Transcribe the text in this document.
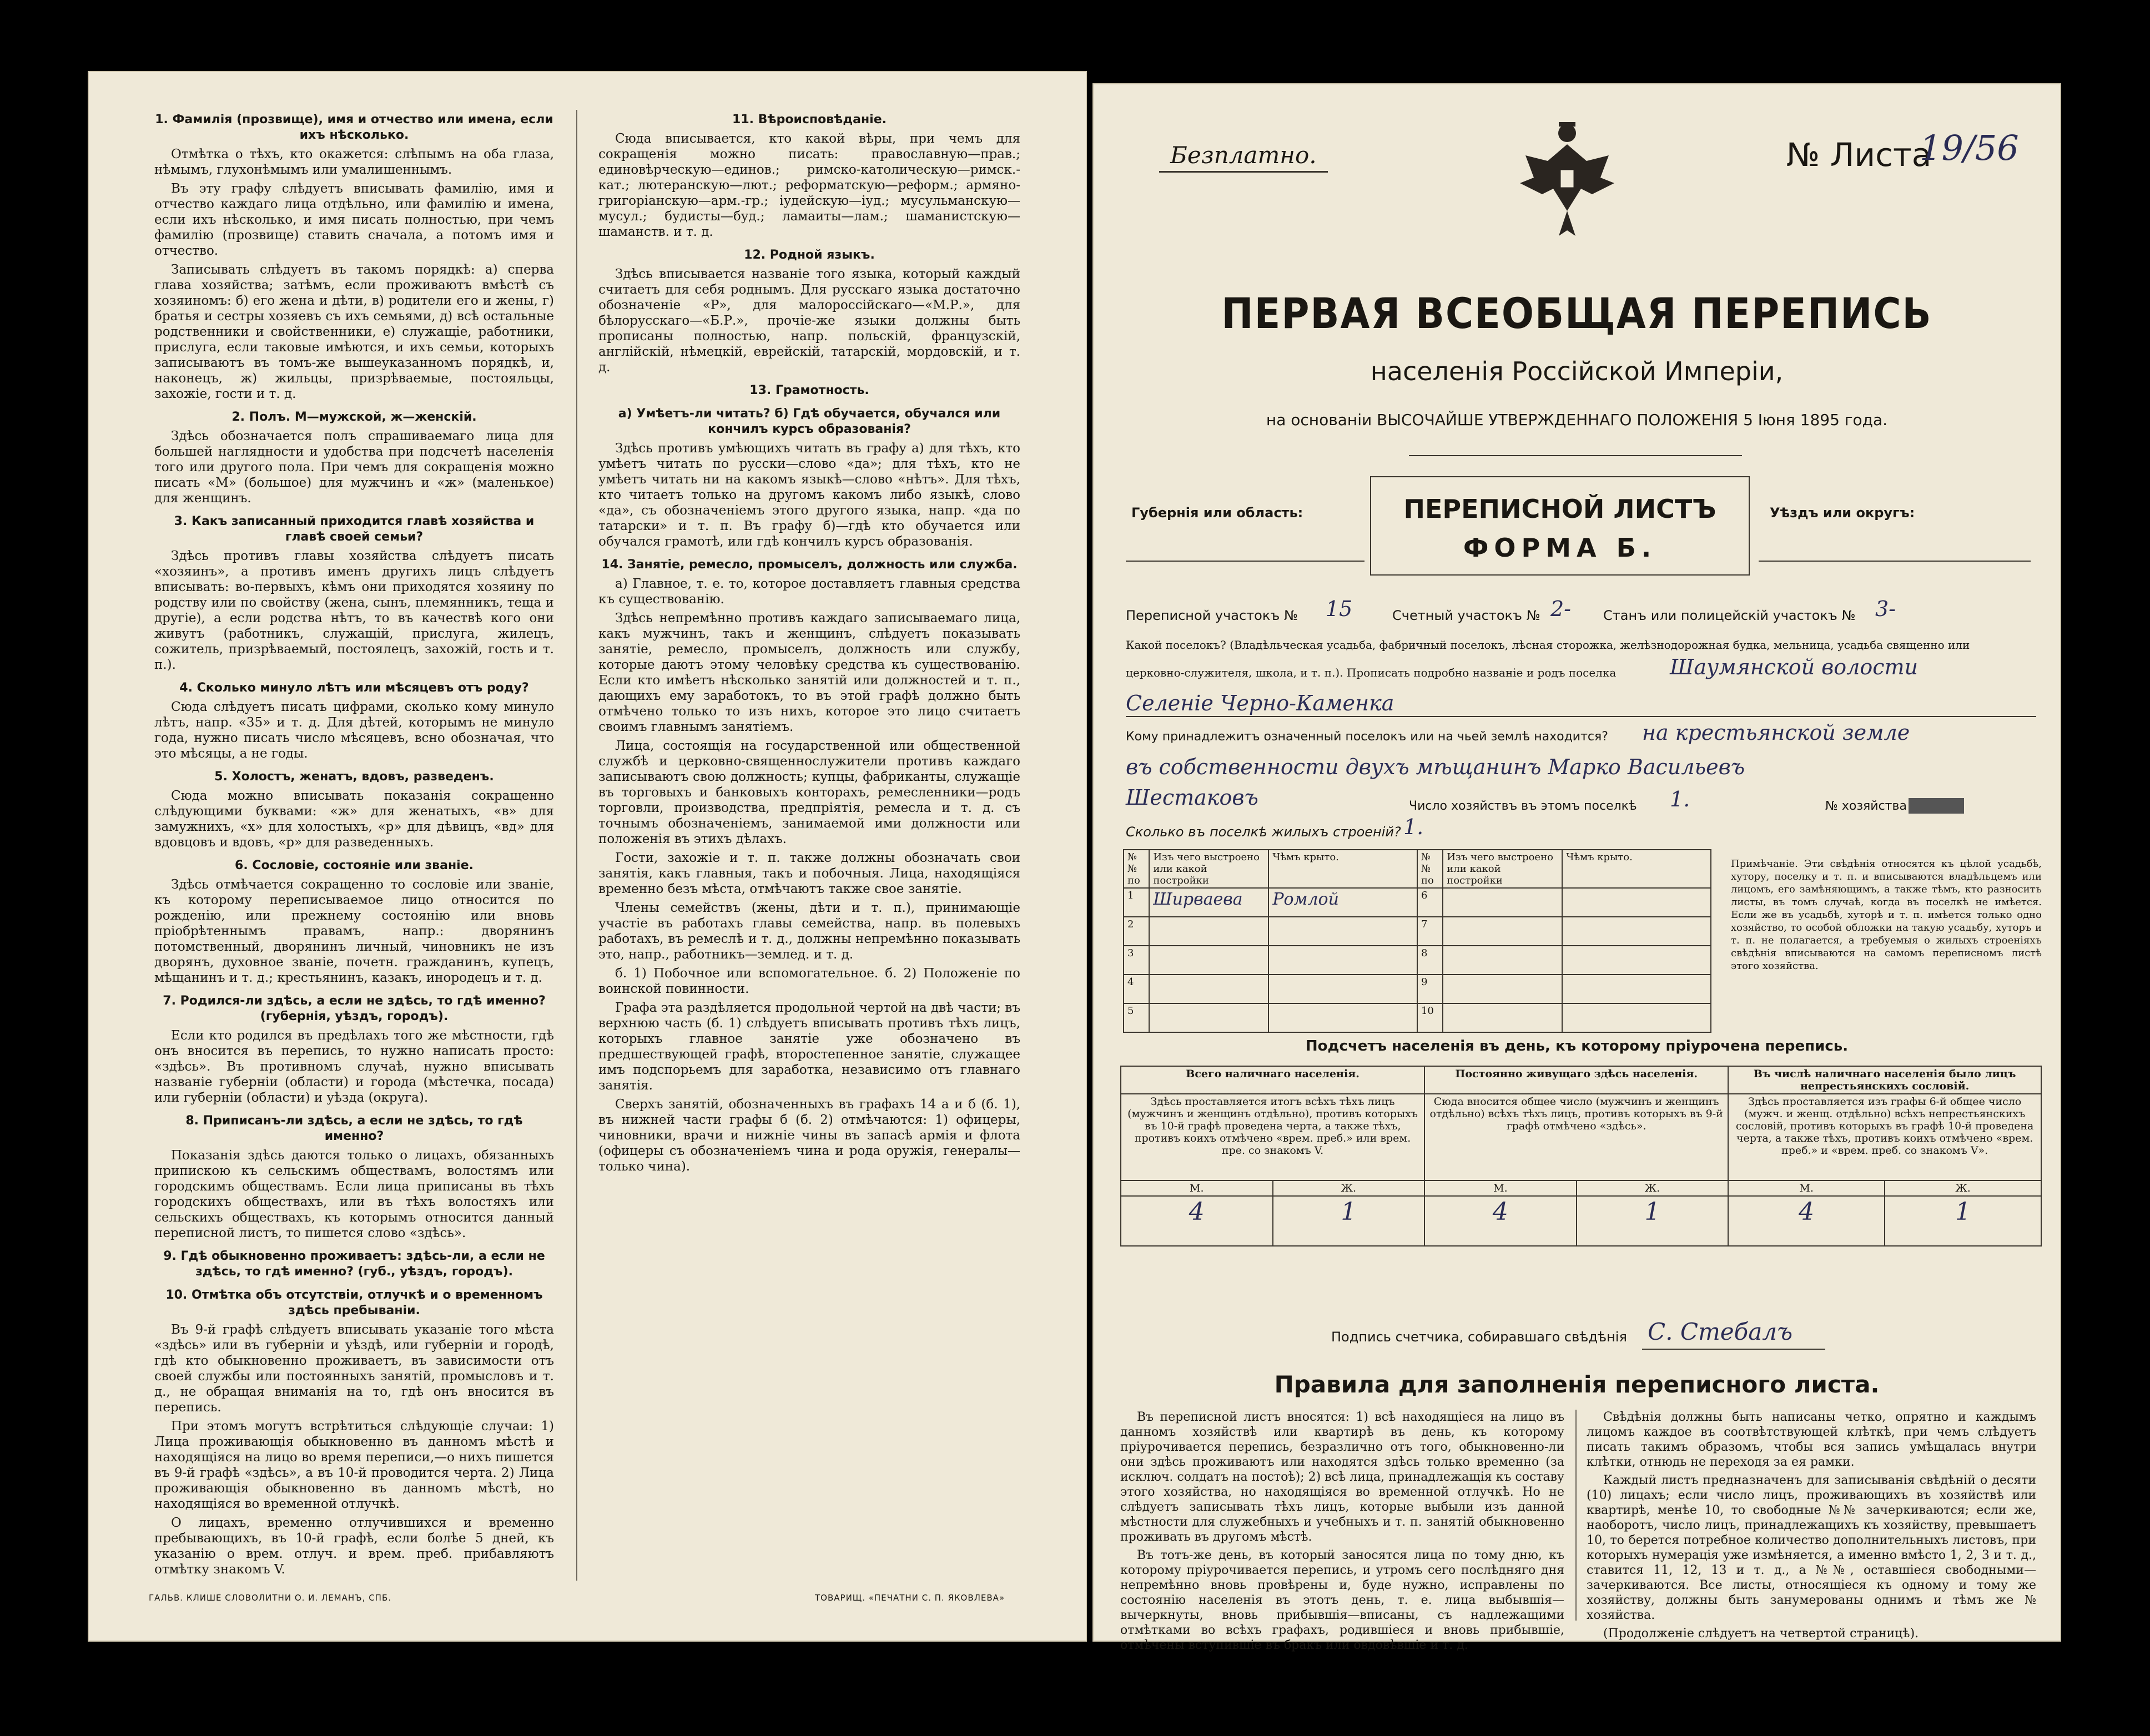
1. Фамилія (прозвище), имя и отчество или имена, если ихъ нѣсколько.

Отмѣтка о тѣхъ, кто окажется: слѣпымъ на оба глаза, нѣмымъ, глухонѣмымъ или умалишеннымъ.

Въ эту графу слѣдуетъ вписывать фамилію, имя и отчество каждаго лица отдѣльно, или фамилію и имена, если ихъ нѣсколько, и имя писать полностью, при чемъ фамилію (прозвище) ставить сначала, а потомъ имя и отчество.

Записывать слѣдуетъ въ такомъ порядкѣ: а) сперва глава хозяйства; затѣмъ, если проживаютъ вмѣстѣ съ хозяиномъ: б) его жена и дѣти, в) родители его и жены, г) братья и сестры хозяевъ съ ихъ семьями, д) всѣ остальные родственники и свойственники, е) служащіе, работники, прислуга, если таковые имѣются, и ихъ семьи, которыхъ записываютъ въ томъ-же вышеуказанномъ порядкѣ, и, наконецъ, ж) жильцы, призрѣваемые, постояльцы, захожіе, гости и т. д.

2. Полъ. М—мужской, ж—женскій.

Здѣсь обозначается полъ спрашиваемаго лица для большей наглядности и удобства при подсчетѣ населенія того или другого пола. При чемъ для сокращенія можно писать «М» (большое) для мужчинъ и «ж» (маленькое) для женщинъ.

3. Какъ записанный приходится главѣ хозяйства и главѣ своей семьи?

Здѣсь противъ главы хозяйства слѣдуетъ писать «хозяинъ», а противъ именъ другихъ лицъ слѣдуетъ вписывать: во-первыхъ, кѣмъ они приходятся хозяину по родству или по свойству (жена, сынъ, племянникъ, теща и другіе), а если родства нѣтъ, то въ качествѣ кого они живутъ (работникъ, служащій, прислуга, жилецъ, сожитель, призрѣваемый, постоялецъ, захожій, гость и т. п.).

4. Сколько минуло лѣтъ или мѣсяцевъ отъ роду?

Сюда слѣдуетъ писать цифрами, сколько кому минуло лѣтъ, напр. «35» и т. д. Для дѣтей, которымъ не минуло года, нужно писать число мѣсяцевъ, всно обозначая, что это мѣсяцы, а не годы.

5. Холостъ, женатъ, вдовъ, разведенъ.

Сюда можно вписывать показанія сокращенно слѣдующими буквами: «ж» для женатыхъ, «в» для замужнихъ, «х» для холостыхъ, «р» для дѣвицъ, «вд» для вдовцовъ и вдовъ, «р» для разведенныхъ.

6. Сословіе, состояніе или званіе.

Здѣсь отмѣчается сокращенно то сословіе или званіе, къ которому переписываемое лицо относится по рожденію, или прежнему состоянію или вновь пріобрѣтеннымъ правамъ, напр.: дворянинъ потомственный, дворянинъ личный, чиновникъ не изъ дворянъ, духовное званіе, почетн. гражданинъ, купецъ, мѣщанинъ и т. д.; крестьянинъ, казакъ, инородецъ и т. д.

7. Родился-ли здѣсь, а если не здѣсь, то гдѣ именно? (губернія, уѣздъ, городъ).

Если кто родился въ предѣлахъ того же мѣстности, гдѣ онъ вносится въ перепись, то нужно написать просто: «здѣсь». Въ противномъ случаѣ, нужно вписывать названіе губерніи (области) и города (мѣстечка, посада) или губерніи (области) и уѣзда (округа).

8. Приписанъ-ли здѣсь, а если не здѣсь, то гдѣ именно?

Показанія здѣсь даются только о лицахъ, обязанныхъ припискою къ сельскимъ обществамъ, волостямъ или городскимъ обществамъ. Если лица приписаны въ тѣхъ городскихъ обществахъ, или въ тѣхъ волостяхъ или сельскихъ обществахъ, къ которымъ относится данный переписной листъ, то пишется слово «здѣсь».

9. Гдѣ обыкновенно проживаетъ: здѣсь-ли, а если не здѣсь, то гдѣ именно? (губ., уѣздъ, городъ).
10. Отмѣтка объ отсутствіи, отлучкѣ и о временномъ здѣсь пребываніи.

Въ 9-й графѣ слѣдуетъ вписывать указаніе того мѣста «здѣсь» или въ губерніи и уѣздѣ, или губерніи и городѣ, гдѣ кто обыкновенно проживаетъ, въ зависимости отъ своей службы или постоянныхъ занятій, промысловъ и т. д., не обращая вниманія на то, гдѣ онъ вносится въ перепись.

При этомъ могутъ встрѣтиться слѣдующіе случаи: 1) Лица проживающія обыкновенно въ данномъ мѣстѣ и находящіяся на лицо во время переписи,—о нихъ пишется въ 9-й графѣ «здѣсь», а въ 10-й проводится черта. 2) Лица проживающія обыкновенно въ данномъ мѣстѣ, но находящіяся во временной отлучкѣ.

О лицахъ, временно отлучившихся и временно пребывающихъ, въ 10-й графѣ, если болѣе 5 дней, къ указанію о врем. отлуч. и врем. преб. прибавляютъ отмѣтку знакомъ V.

11. Вѣроисповѣданіе.

Сюда вписывается, кто какой вѣры, при чемъ для сокращенія можно писать: православную—прав.; единовѣрческую—единов.; римско-католическую—римск.-кат.; лютеранскую—лют.; реформатскую—реформ.; армяно-григоріанскую—арм.-гр.; іудейскую—іуд.; мусульманскую—мусул.; будисты—буд.; ламаиты—лам.; шаманистскую—шаманств. и т. д.

12. Родной языкъ.

Здѣсь вписывается названіе того языка, который каждый считаетъ для себя роднымъ. Для русскаго языка достаточно обозначеніе «Р», для малороссійскаго—«М.Р.», для бѣлорусскаго—«Б.Р.», прочіе-же языки должны быть прописаны полностью, напр. польскій, французскій, англійскій, нѣмецкій, еврейскій, татарскій, мордовскій, и т. д.

13. Грамотность.
а) Умѣетъ-ли читать? б) Гдѣ обучается, обучался или кончилъ курсъ образованія?

Здѣсь противъ умѣющихъ читать въ графу а) для тѣхъ, кто умѣетъ читать по русски—слово «да»; для тѣхъ, кто не умѣетъ читать ни на какомъ языкѣ—слово «нѣтъ». Для тѣхъ, кто читаетъ только на другомъ какомъ либо языкѣ, слово «да», съ обозначеніемъ этого другого языка, напр. «да по татарски» и т. п. Въ графу б)—гдѣ кто обучается или обучался грамотѣ, или гдѣ кончилъ курсъ образованія.

14. Занятіе, ремесло, промыселъ, должность или служба.

а) Главное, т. е. то, которое доставляетъ главныя средства къ существованію.

Здѣсь непремѣнно противъ каждаго записываемаго лица, какъ мужчинъ, такъ и женщинъ, слѣдуетъ показывать занятіе, ремесло, промыселъ, должность или службу, которые даютъ этому человѣку средства къ существованію. Если кто имѣетъ нѣсколько занятій или должностей и т. п., дающихъ ему заработокъ, то въ этой графѣ должно быть отмѣчено только то изъ нихъ, которое это лицо считаетъ своимъ главнымъ занятіемъ.

Лица, состоящія на государственной или общественной службѣ и церковно-священнослужители противъ каждаго записываютъ свою должность; купцы, фабриканты, служащіе въ торговыхъ и банковыхъ конторахъ, ремесленники—родъ торговли, производства, предпріятія, ремесла и т. д. съ точнымъ обозначеніемъ, занимаемой ими должности или положенія въ этихъ дѣлахъ.

Гости, захожіе и т. п. также должны обозначать свои занятія, какъ главныя, такъ и побочныя. Лица, находящіяся временно безъ мѣста, отмѣчаютъ также свое занятіе.

Члены семействъ (жены, дѣти и т. п.), принимающіе участіе въ работахъ главы семейства, напр. въ полевыхъ работахъ, въ ремеслѣ и т. д., должны непремѣнно показывать это, напр., работникъ—землед. и т. д.

б. 1) Побочное или вспомогательное. б. 2) Положеніе по воинской повинности.

Графа эта раздѣляется продольной чертой на двѣ части; въ верхнюю часть (б. 1) слѣдуетъ вписывать противъ тѣхъ лицъ, которыхъ главное занятіе уже обозначено въ предшествующей графѣ, второстепенное занятіе, служащее имъ подспорьемъ для заработка, независимо отъ главнаго занятія.

Сверхъ занятій, обозначенныхъ въ графахъ 14 а и б (б. 1), въ нижней части графы б (б. 2) отмѣчаются: 1) офицеры, чиновники, врачи и нижніе чины въ запасѣ армія и флота (офицеры съ обозначеніемъ чина и рода оружія, генералы—только чина).

ГАЛЬВ. КЛИШЕ СЛОВОЛИТНИ О. И. ЛЕМАНЪ, СПБ.	ТОВАРИЩ. «ПЕЧАТНИ С. П. ЯКОВЛЕВА»
Безплатно.	№ Листа
19/56
ПЕРВАЯ ВСЕОБЩАЯ ПЕРЕПИСЬ
населенія Россійской Имперіи,
на основаніи ВЫСОЧАЙШЕ УТВЕРЖДЕННАГО ПОЛОЖЕНІЯ 5 Іюня 1895 года.
Губернія или область:	ПЕРЕПИСНОЙ ЛИСТЪ
ФОРМА Б.
Уѣздъ или округъ:
Переписной участокъ № 15	Счетный участокъ № 2- Станъ или полицейскій участокъ № 3-
Какой поселокъ? (Владѣльческая усадьба, фабричный поселокъ, лѣсная сторожка, желѣзнодорожная будка, мельница, усадьба священно или
церковно-служителя, школа, и т. п.). Прописать подробно названіе и родъ поселка	Шаумянской волости
Селеніе Черно-Каменка
Кому принадлежитъ означенный поселокъ или на чьей землѣ находится? на крестьянской земле
въ собственности двухъ мѣщанинъ Марко Васильевъ
Шестаковъ	Число хозяйствъ въ этомъ поселкѣ 1.	№ хозяйства
Сколько въ поселкѣ жилыхъ строеній? 1.
№№ по	Изъ чего выстроено или какой постройки	Чѣмъ крыто.	№№ по	Изъ чего выстроено или какой постройки	Чѣмъ крыто.
1	Ширваева	Ромлой	6		
2			7		
3			8		
4			9		
5			10		
Примѣчаніе. Эти свѣдѣнія относятся къ цѣлой усадьбѣ, хутору, поселку и т. п. и вписываются владѣльцемъ или лицомъ, его замѣняющимъ, а также тѣмъ, кто разноситъ листы, въ томъ случаѣ, когда въ поселкѣ не имѣется. Если же въ усадьбѣ, хуторѣ и т. п. имѣется только одно хозяйство, то особой обложки на такую усадьбу, хуторъ и т. п. не полагается, а требуемыя о жилыхъ строеніяхъ свѣдѣнія вписываются на самомъ переписномъ листѣ этого хозяйства.
Подсчетъ населенія въ день, къ которому пріурочена перепись.
Всего наличнаго населенія.		Постоянно живущаго здѣсь населенія.		Въ числѣ наличнаго населенія было лицъ непрестьянскихъ сословій.	
Здѣсь проставляется итогъ всѣхъ тѣхъ лицъ (мужчинъ и женщинъ отдѣльно), противъ которыхъ въ 10-й графѣ проведена черта, а также тѣхъ, противъ коихъ отмѣчено «врем. преб.» или врем. пре. со знакомъ V.		Сюда вносится общее число (мужчинъ и женщинъ отдѣльно) всѣхъ тѣхъ лицъ, противъ которыхъ въ 9-й графѣ отмѣчено «здѣсь».		Здѣсь проставляется изъ графы 6-й общее число (мужч. и женщ. отдѣльно) всѣхъ непрестьянскихъ сословій, противъ которыхъ въ графѣ 10-й проведена черта, а также тѣхъ, противъ коихъ отмѣчено «врем. преб.» и «врем. преб. со знакомъ V».	
М.	Ж.	М.	Ж.	М.	Ж.
4	1	4	1	4	1
Подпись счетчика, собиравшаго свѣдѣнія С. Стебалъ
Правила для заполненія переписного листа.

Въ переписной листъ вносятся: 1) всѣ находящіеся на лицо въ данномъ хозяйствѣ или квартирѣ въ день, къ которому пріурочивается перепись, безразлично отъ того, обыкновенно-ли они здѣсь проживаютъ или находятся здѣсь только временно (за исключ. солдатъ на постоѣ); 2) всѣ лица, принадлежащія къ составу этого хозяйства, но находящіяся во временной отлучкѣ. Но не слѣдуетъ записывать тѣхъ лицъ, которые выбыли изъ данной мѣстности для служебныхъ и учебныхъ и т. п. занятій обыкновенно проживать въ другомъ мѣстѣ.

Въ тотъ-же день, въ который заносятся лица по тому дню, къ которому пріурочивается перепись, и утромъ сего послѣдняго дня непремѣнно вновь провѣрены и, буде нужно, исправлены по состоянію населенія въ этотъ день, т. е. лица выбывшія—вычеркнуты, вновь прибывшія—вписаны, съ надлежащими отмѣтками во всѣхъ графахъ, родившіеся и вновь прибывшіе, отмѣчены вступившіе въ бракъ или овдовѣвшіе и т. д.

Свѣдѣнія должны быть написаны четко, опрятно и каждымъ лицомъ каждое въ соотвѣтствующей клѣткѣ, при чемъ слѣдуетъ писать такимъ образомъ, чтобы вся запись умѣщалась внутри клѣтки, отнюдь не переходя за ея рамки.

Каждый листъ предназначенъ для записыванія свѣдѣній о десяти (10) лицахъ; если число лицъ, проживающихъ въ хозяйствѣ или квартирѣ, менѣе 10, то свободные №№ зачеркиваются; если же, наоборотъ, число лицъ, принадлежащихъ къ хозяйству, превышаетъ 10, то берется потребное количество дополнительныхъ листовъ, при которыхъ нумерація уже измѣняется, а именно вмѣсто 1, 2, 3 и т. д., ставится 11, 12, 13 и т. д., а №№, оставшіеся свободными—зачеркиваются. Все листы, относящіеся къ одному и тому же хозяйству, должны быть занумерованы однимъ и тѣмъ же № хозяйства.

(Продолженіе слѣдуетъ на четвертой страницѣ).
